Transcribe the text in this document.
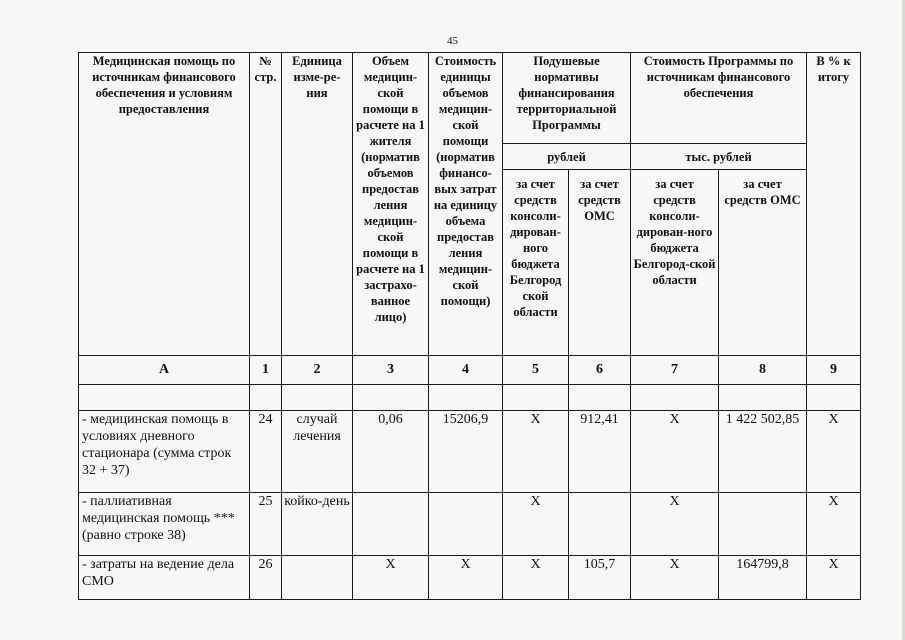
45
Медицинская помощь по источникам финансового обеспечения и условиям предоставления	№ стр.	Единица изме-ре-ния	Объем медицин-ской помощи в расчете на 1 жителя (норматив объемов предостав ления медицин-ской помощи в расчете на 1 застрахо-ванное лицо)	Стоимость единицы объемов медицин-ской помощи (норматив финансо-вых затрат на единицу объема предостав ления медицин-ской помощи)	Подушевые нормативы финансирования территориальной Программы		Стоимость Программы по источникам финансового обеспечения		В % к итогу

					рублей		тыс. рублей		

					за счет средств консоли-дирован-ного бюджета Белгород ской области	за счет средств ОМС	за счет средств консоли-дирован-ного бюджета Белгород-ской области	за счет средств ОМС	

А	1	2	3	4	5	6	7	8	9

- медицинская помощь в условиях дневного стационара (сумма строк 32 + 37)	24	случай лечения	0,06	15206,9	Х	912,41	Х	1 422 502,85	Х
- паллиативная медицинская помощь *** (равно строке 38)	25	койко-день			Х		Х		Х
- затраты на ведение дела СМО	26		Х	Х	Х	105,7	Х	164799,8	Х
